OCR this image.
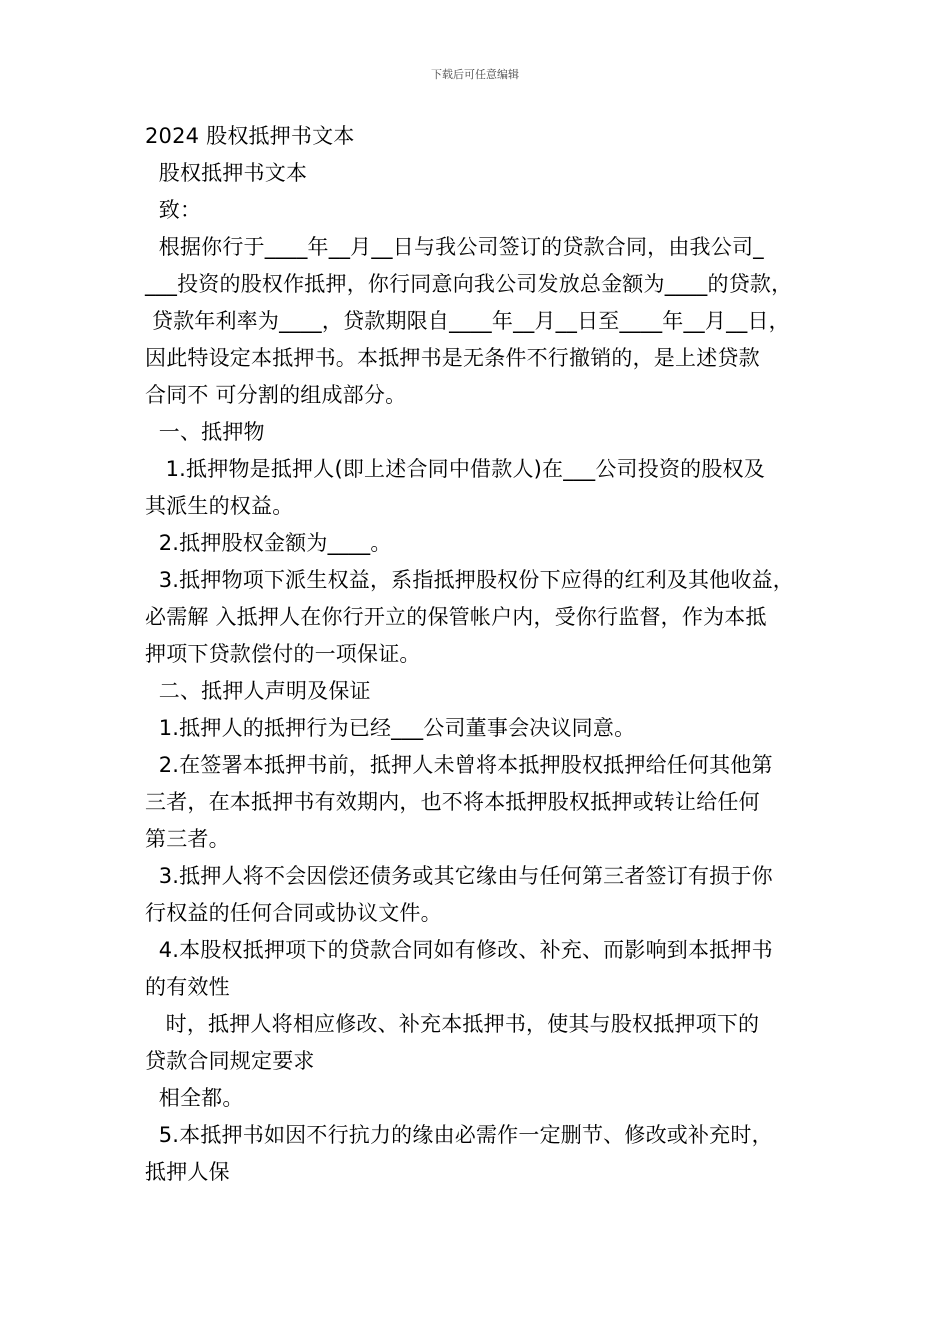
下载后可任意编辑
2024 股权抵押书文本
股权抵押书文本
致：
根据你行于____年__月__日与我公司签订的贷款合同，由我公司_
___投资的股权作抵押，你行同意向我公司发放总金额为____的贷款，
贷款年利率为____，贷款期限自____年__月__日至____年__月__日，
因此特设定本抵押书。本抵押书是无条件不行撤销的，是上述贷款
合同不 可分割的组成部分。
一、抵押物
1.抵押物是抵押人(即上述合同中借款人)在___公司投资的股权及
其派生的权益。
2.抵押股权金额为____。
3.抵押物项下派生权益，系指抵押股权份下应得的红利及其他收益，
必需解 入抵押人在你行开立的保管帐户内，受你行监督，作为本抵
押项下贷款偿付的一项保证。
二、抵押人声明及保证
1.抵押人的抵押行为已经___公司董事会决议同意。
2.在签署本抵押书前，抵押人未曾将本抵押股权抵押给任何其他第
三者，在本抵押书有效期内，也不将本抵押股权抵押或转让给任何
第三者。
3.抵押人将不会因偿还债务或其它缘由与任何第三者签订有损于你
行权益的任何合同或协议文件。
4.本股权抵押项下的贷款合同如有修改、补充、而影响到本抵押书
的有效性
时，抵押人将相应修改、补充本抵押书，使其与股权抵押项下的
贷款合同规定要求
相全都。
5.本抵押书如因不行抗力的缘由必需作一定删节、修改或补充时，
抵押人保
